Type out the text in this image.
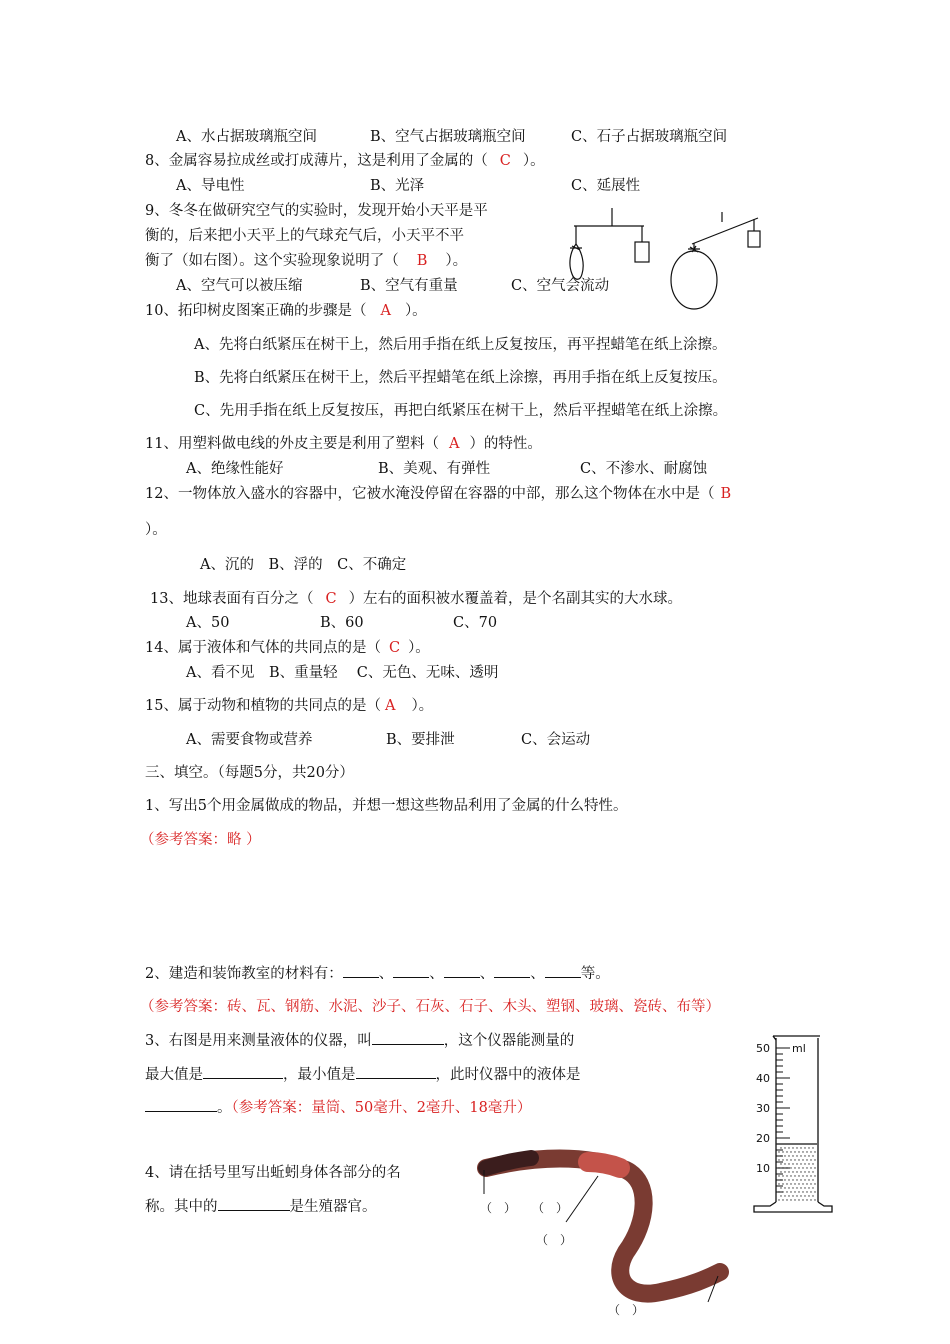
A、水占据玻璃瓶空间	B、空气占据玻璃瓶空间	C、石子占据玻璃瓶空间
8、金属容易拉成丝或打成薄片，这是利用了金属的（ C ）。
A、导电性	B、光泽	C、延展性
9、冬冬在做研究空气的实验时，发现开始小天平是平
衡的，后来把小天平上的气球充气后，小天平不平
衡了（如右图）。这个实验现象说明了（ B ）。
A、空气可以被压缩	B、空气有重量	C、空气会流动
10、拓印树皮图案正确的步骤是（ A ）。
A、先将白纸紧压在树干上，然后用手指在纸上反复按压，再平捏蜡笔在纸上涂擦。
B、先将白纸紧压在树干上，然后平捏蜡笔在纸上涂擦，再用手指在纸上反复按压。
C、先用手指在纸上反复按压，再把白纸紧压在树干上，然后平捏蜡笔在纸上涂擦。
11、用塑料做电线的外皮主要是利用了塑料（ A ）的特性。
A、绝缘性能好	B、美观、有弹性	C、不渗水、耐腐蚀
12、一物体放入盛水的容器中，它被水淹没停留在容器的中部，那么这个物体在水中是（ B
）。
A、沉的　B、浮的　C、不确定
13、地球表面有百分之（ C ）左右的面积被水覆盖着，是个名副其实的大水球。
A、50	B、60	C、70
14、属于液体和气体的共同点的是（ C ）。
A、看不见　B、重量轻　 C、无色、无味、透明
15、属于动物和植物的共同点的是（ A ）。
A、需要食物或营养	B、要排泄	C、会运动
三、填空。（每题5分，共20分）
1、写出5个用金属做成的物品，并想一想这些物品利用了金属的什么特性。
（参考答案：略 ）
2、建造和装饰教室的材料有： 、 、 、 、 等。
（参考答案：砖、瓦、钢筋、水泥、沙子、石灰、石子、木头、塑钢、玻璃、瓷砖、布等）
3、右图是用来测量液体的仪器，叫	，这个仪器能测量的
最大值是	，最小值是	，此时仪器中的液体是
。（参考答案：量筒、50毫升、2毫升、18毫升）
ml
50
40
30
20
10
4、请在括号里写出蚯蚓身体各部分的名
称。其中的	是生殖器官。	（　） （　）
（　）
（　）
